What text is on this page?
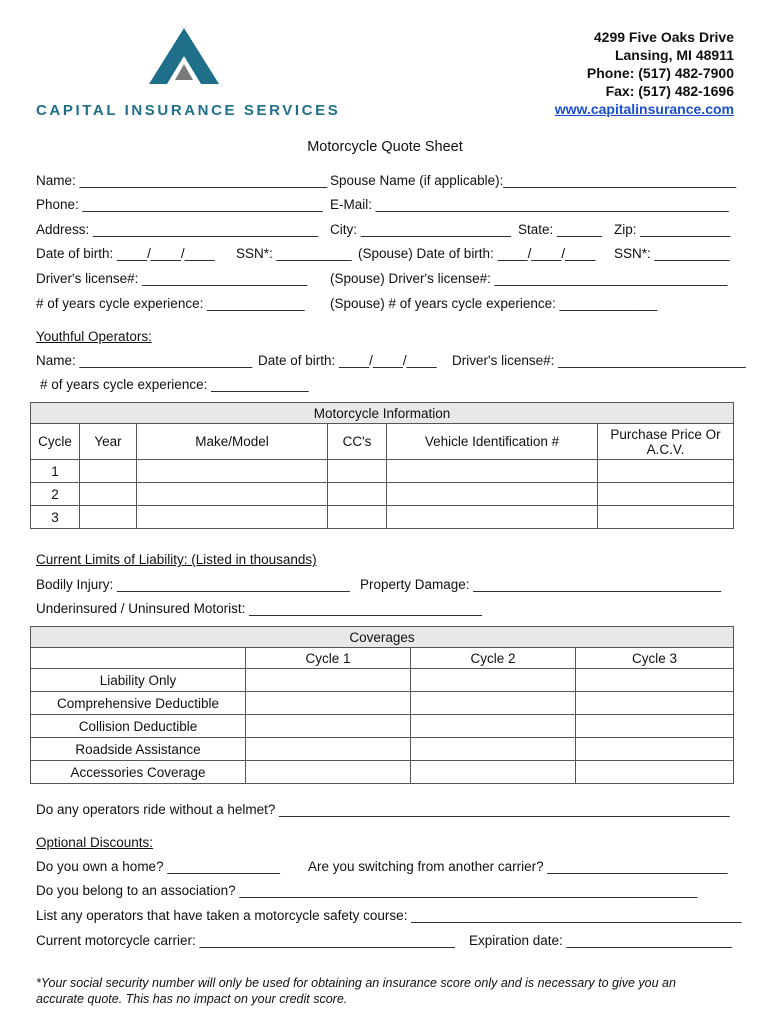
CAPITAL INSURANCE SERVICES
4299 Five Oaks Drive
Lansing, MI 48911
Phone: (517) 482-7900
Fax: (517) 482-1696
www.capitalinsurance.com
Motorcycle Quote Sheet
Name: _________________________________ Spouse Name (if applicable):_______________________________
Phone: ________________________________ E-Mail: _______________________________________________
Address: ______________________________ City: ____________________ State: ______ Zip: ____________
Date of birth: ____/____/____ SSN*: __________ (Spouse) Date of birth: ____/____/____ SSN*: __________
Driver's license#: ______________________ (Spouse) Driver's license#: _______________________________
# of years cycle experience: _____________ (Spouse) # of years cycle experience: _____________
Youthful Operators:
Name: _______________________ Date of birth: ____/____/____ Driver's license#: _________________________
# of years cycle experience: _____________
Motorcycle Information					
Cycle	Year	Make/Model	CC's	Vehicle Identification #	Purchase Price Or A.C.V.
1					
2					
3					
Current Limits of Liability: (Listed in thousands)
Bodily Injury: _______________________________ Property Damage: _________________________________
Underinsured / Uninsured Motorist: _______________________________
Coverages			
	Cycle 1	Cycle 2	Cycle 3
Liability Only			
Comprehensive Deductible			
Collision Deductible			
Roadside Assistance			
Accessories Coverage			
Do any operators ride without a helmet? ____________________________________________________________
Optional Discounts:
Do you own a home? _______________ Are you switching from another carrier? ________________________
Do you belong to an association? _____________________________________________________________
List any operators that have taken a motorcycle safety course: ____________________________________________
Current motorcycle carrier: __________________________________ Expiration date: ______________________
*Your social security number will only be used for obtaining an insurance score only and is necessary to give you an accurate quote. This has no impact on your credit score.
